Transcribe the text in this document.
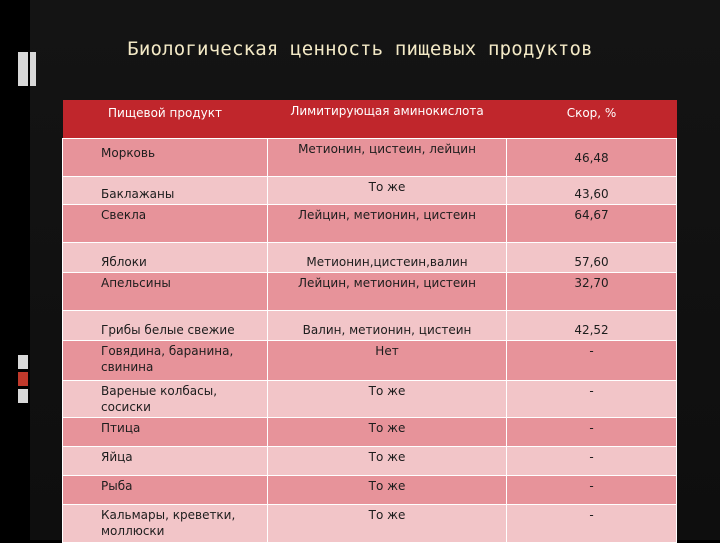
Биологическая ценность пищевых продуктов
Пищевой продукт	Лимитирующая аминокислота	Скор, %
Морковь	Метионин, цистеин, лейцин	46,48

Баклажаны	То же	43,60

Свекла	Лейцин, метионин, цистеин	64,67

Яблоки	Метионин,цистеин,валин	57,60

Апельсины	Лейцин, метионин, цистеин	32,70

Грибы белые свежие	Валин, метионин, цистеин	42,52

Говядина, баранина, свинина	Нет	-

Вареные колбасы, сосиски	То же	-

Птица	То же	-

Яйца	То же	-

Рыба	То же	-

Кальмары, креветки, моллюски	То же	-
